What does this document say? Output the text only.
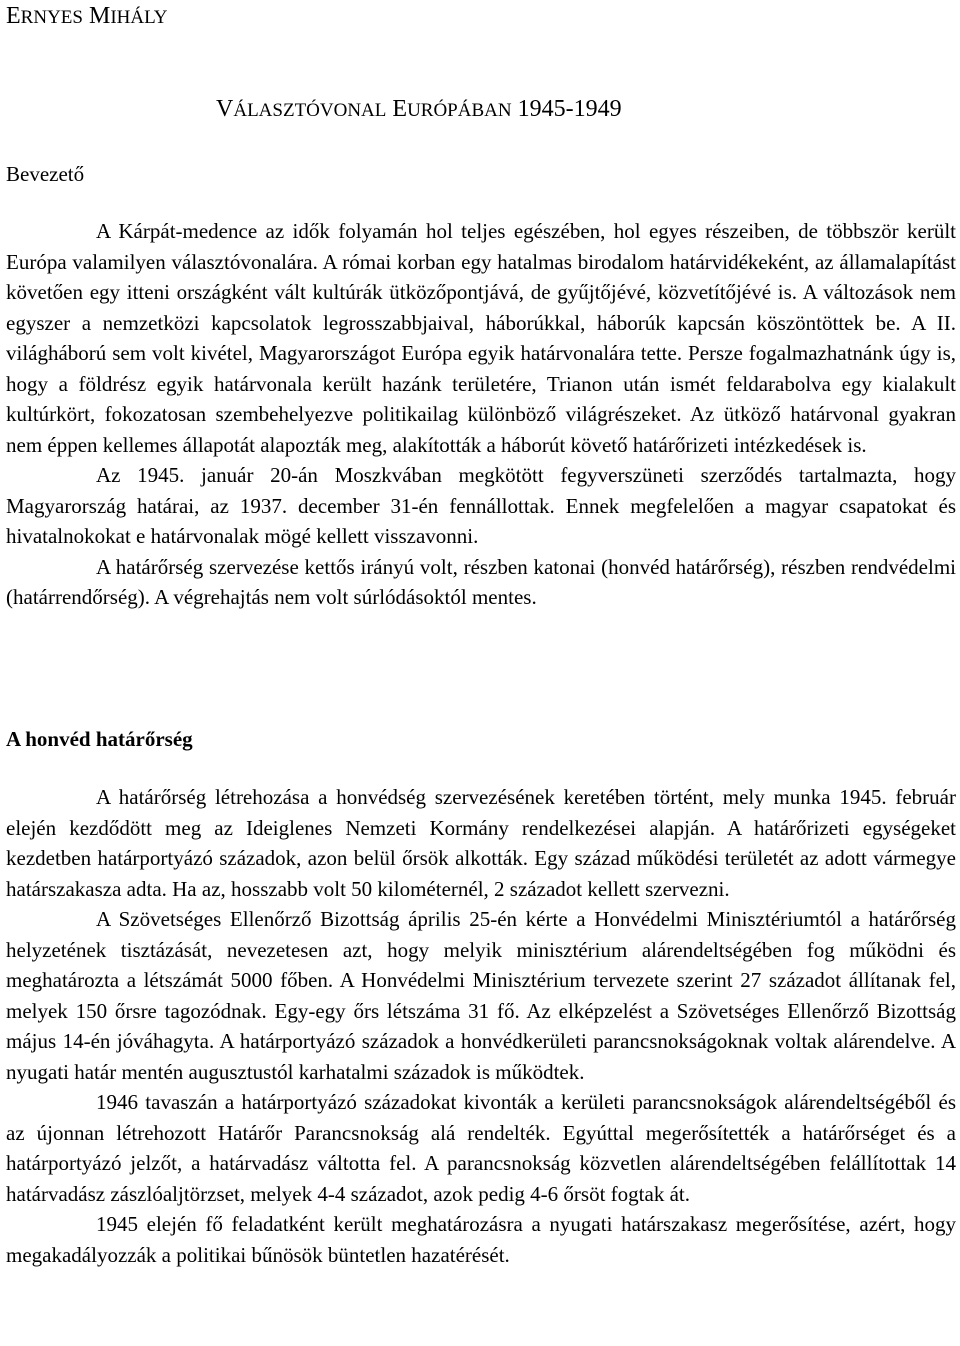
ERNYES MIHÁLY
VÁLASZTÓVONAL EURÓPÁBAN 1945-1949
Bevezető

A Kárpát-medence az idők folyamán hol teljes egészében, hol egyes részeiben, de többször került Európa valamilyen választóvonalára. A római korban egy hatalmas birodalom határvidékeként, az államalapítást követően egy itteni országként vált kultúrák ütközőpontjává, de gyűjtőjévé, közvetítőjévé is. A változások nem egyszer a nemzetközi kapcsolatok legrosszabbjaival, háborúkkal, háborúk kapcsán köszöntöttek be. A II. világháború sem volt kivétel, Magyarországot Európa egyik határvonalára tette. Persze fogalmazhatnánk úgy is, hogy a földrész egyik határvonala került hazánk területére, Trianon után ismét feldarabolva egy kialakult kultúrkört, fokozatosan szembehelyezve politikailag különböző világrészeket. Az ütköző határvonal gyakran nem éppen kellemes állapotát alapozták meg, alakították a háborút követő határőrizeti intézkedések is.

Az 1945. január 20-án Moszkvában megkötött fegyverszüneti szerződés tartalmazta, hogy Magyarország határai, az 1937. december 31-én fennállottak. Ennek megfelelően a magyar csapatokat és hivatalnokokat e határvonalak mögé kellett visszavonni.

A határőrség szervezése kettős irányú volt, részben katonai (honvéd határőrség), részben rendvédelmi (határrendőrség). A végrehajtás nem volt súrlódásoktól mentes.

A honvéd határőrség

A határőrség létrehozása a honvédség szervezésének keretében történt, mely munka 1945. február elején kezdődött meg az Ideiglenes Nemzeti Kormány rendelkezései alapján. A határőrizeti egységeket kezdetben határportyázó századok, azon belül őrsök alkották. Egy század működési területét az adott vármegye határszakasza adta. Ha az, hosszabb volt 50 kilométernél, 2 századot kellett szervezni.

A Szövetséges Ellenőrző Bizottság április 25-én kérte a Honvédelmi Minisztériumtól a határőrség helyzetének tisztázását, nevezetesen azt, hogy melyik minisztérium alárendeltségében fog működni és meghatározta a létszámát 5000 főben. A Honvédelmi Minisztérium tervezete szerint 27 századot állítanak fel, melyek 150 őrsre tagozódnak. Egy-egy őrs létszáma 31 fő. Az elképzelést a Szövetséges Ellenőrző Bizottság május 14-én jóváhagyta. A határportyázó századok a honvédkerületi parancsnokságoknak voltak alárendelve. A nyugati határ mentén augusztustól karhatalmi századok is működtek.

1946 tavaszán a határportyázó századokat kivonták a kerületi parancsnokságok alárendeltségéből és az újonnan létrehozott Határőr Parancsnokság alá rendelték. Egyúttal megerősítették a határőrséget és a határportyázó jelzőt, a határvadász váltotta fel. A parancsnokság közvetlen alárendeltségében felállítottak 14 határvadász zászlóaljtörzset, melyek 4-4 századot, azok pedig 4-6 őrsöt fogtak át.

1945 elején fő feladatként került meghatározásra a nyugati határszakasz megerősítése, azért, hogy megakadályozzák a politikai bűnösök büntetlen hazatérését.
